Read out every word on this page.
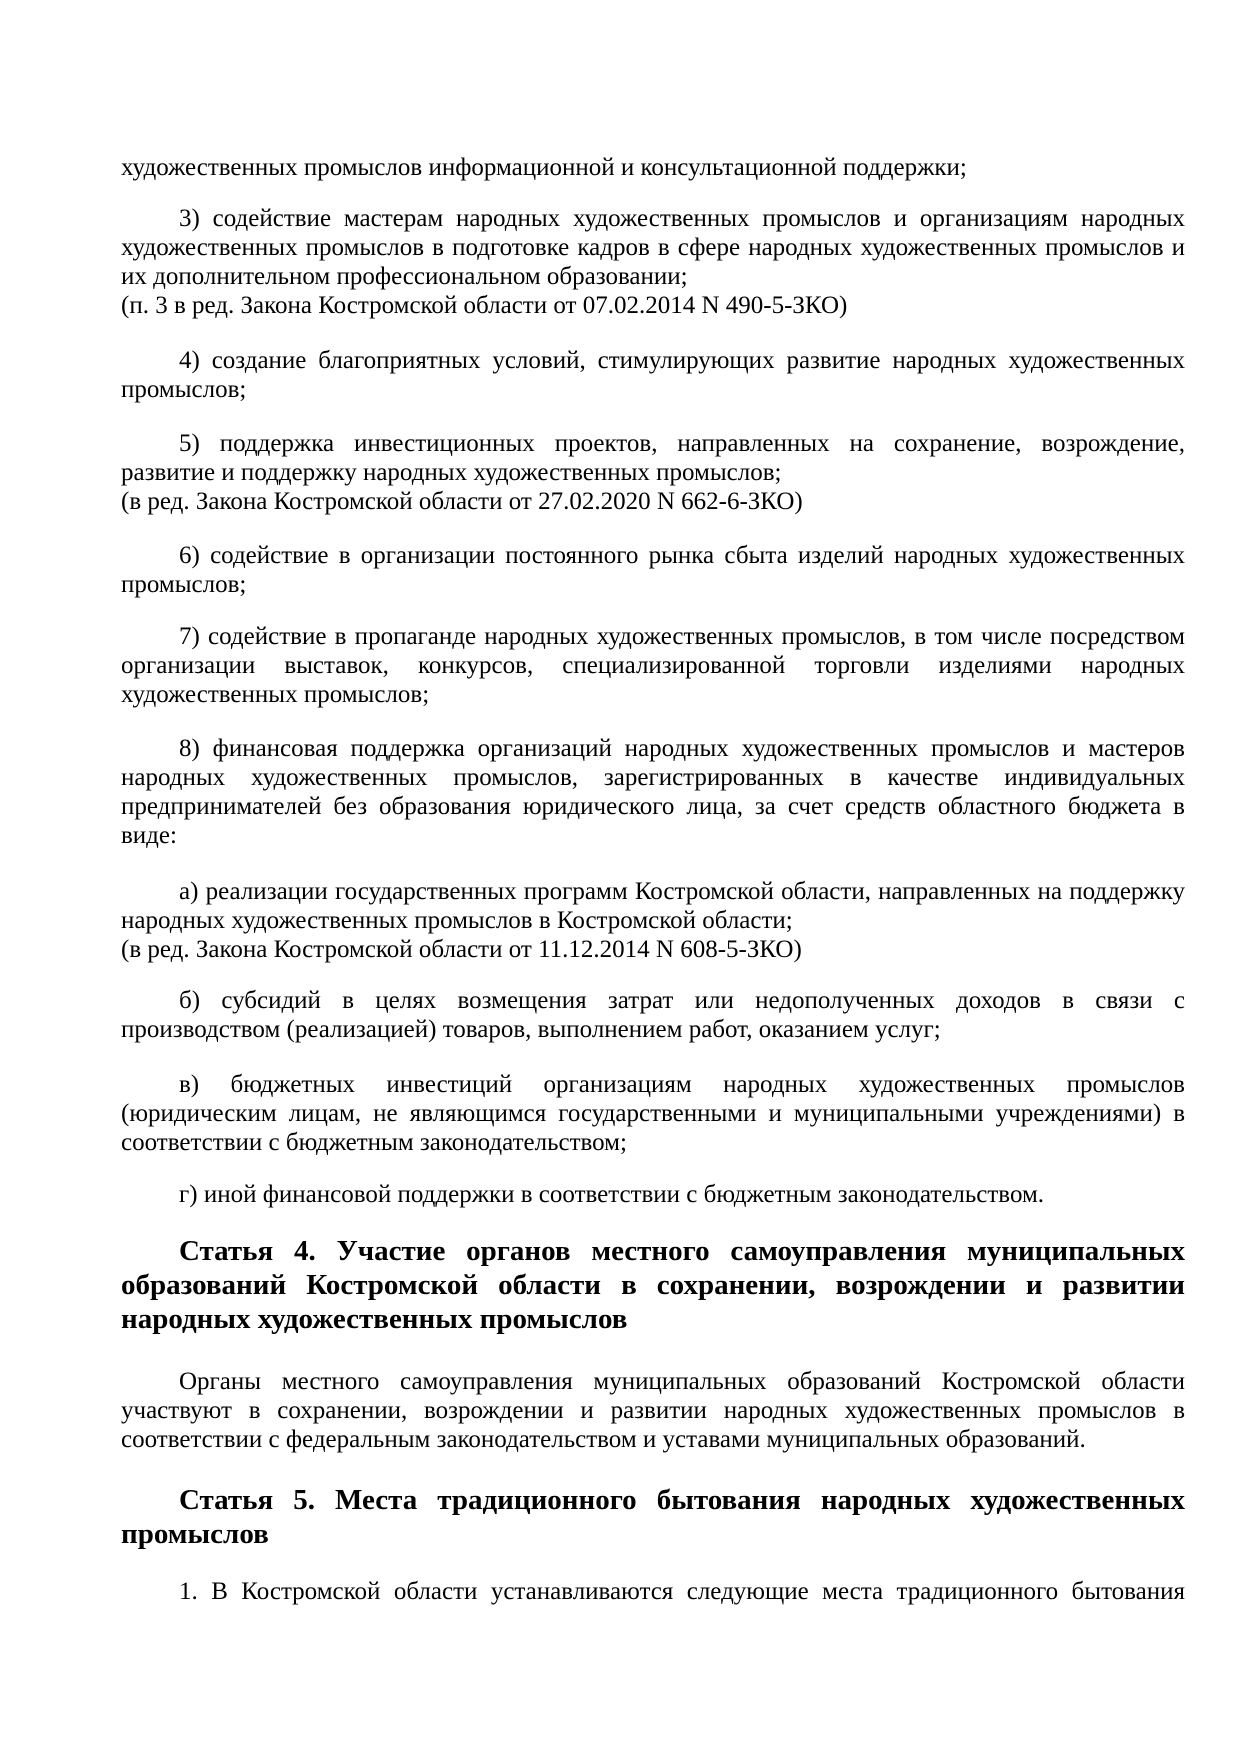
художественных промыслов информационной и консультационной поддержки;

3) содействие мастерам народных художественных промыслов и организациям народных художественных промыслов в подготовке кадров в сфере народных художественных промыслов и их дополнительном профессиональном образовании;
(п. 3 в ред. Закона Костромской области от 07.02.2014 N 490-5-ЗКО)

4) создание благоприятных условий, стимулирующих развитие народных художественных промыслов;

5) поддержка инвестиционных проектов, направленных на сохранение, возрождение, развитие и поддержку народных художественных промыслов;
(в ред. Закона Костромской области от 27.02.2020 N 662-6-ЗКО)

6) содействие в организации постоянного рынка сбыта изделий народных художественных промыслов;

7) содействие в пропаганде народных художественных промыслов, в том числе посредством организации выставок, конкурсов, специализированной торговли изделиями народных художественных промыслов;

8) финансовая поддержка организаций народных художественных промыслов и мастеров народных художественных промыслов, зарегистрированных в качестве индивидуальных предпринимателей без образования юридического лица, за счет средств областного бюджета в виде:

а) реализации государственных программ Костромской области, направленных на поддержку народных художественных промыслов в Костромской области;
(в ред. Закона Костромской области от 11.12.2014 N 608-5-ЗКО)

б) субсидий в целях возмещения затрат или недополученных доходов в связи с производством (реализацией) товаров, выполнением работ, оказанием услуг;

в) бюджетных инвестиций организациям народных художественных промыслов (юридическим лицам, не являющимся государственными и муниципальными учреждениями) в соответствии с бюджетным законодательством;

г) иной финансовой поддержки в соответствии с бюджетным законодательством.

Статья 4. Участие органов местного самоуправления муниципальных образований Костромской области в сохранении, возрождении и развитии народных художественных промыслов

Органы местного самоуправления муниципальных образований Костромской области участвуют в сохранении, возрождении и развитии народных художественных промыслов в соответствии с федеральным законодательством и уставами муниципальных образований.

Статья 5. Места традиционного бытования народных художественных промыслов

1. В Костромской области устанавливаются следующие места традиционного бытования
